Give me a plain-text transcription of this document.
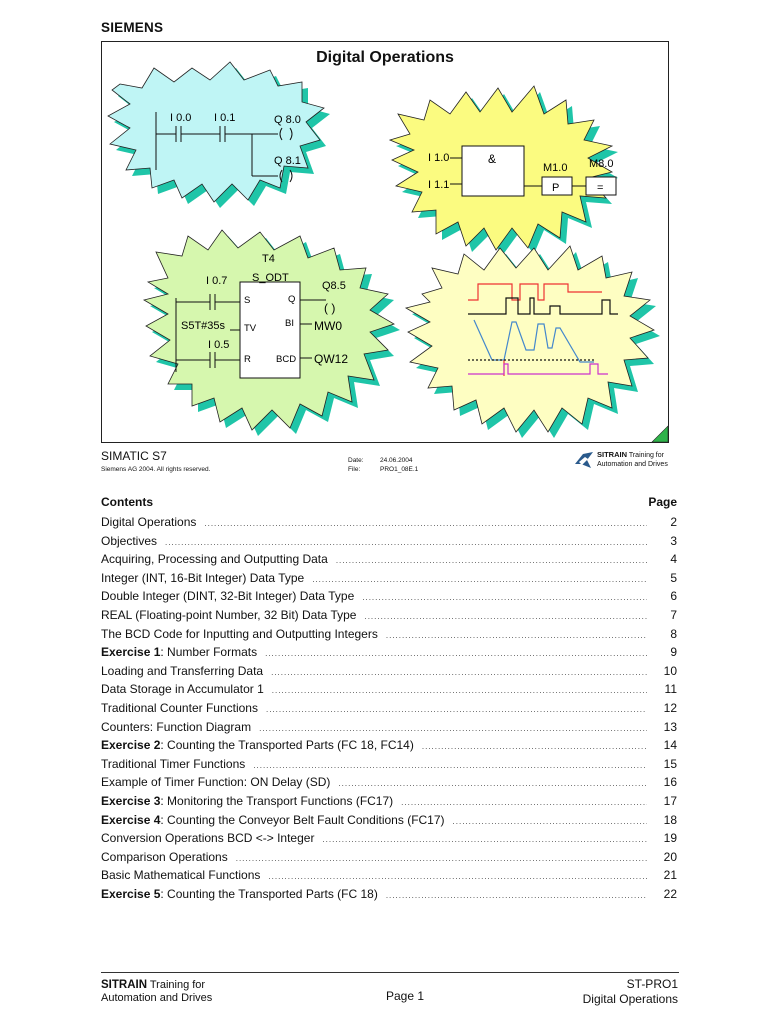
SIEMENS
Digital Operations
I 0.0 I 0.1	Q 8.0
Q 8.1	I 1.0
I 1.1
&
M1.0 M8.0
P	=
T4
S_ODT
I 0.7
S5T#35s
I 0.5
S
TV
R
Q
BI
BCD
Q8.5
( )
MW0
QW12
SIMATIC S7
Siemens AG 2004. All rights reserved.
Date:	24.06.2004
File:	PRO1_08E.1
SITRAIN Training for
Automation and Drives
Contents	Page
Digital Operations .....	2
Objectives .....	3
Acquiring, Processing and Outputting Data .....	4
Integer (INT, 16-Bit Integer) Data Type .....	5
Double Integer (DINT, 32-Bit Integer) Data Type .....	6
REAL (Floating-point Number, 32 Bit) Data Type .....	7
The BCD Code for Inputting and Outputting Integers .....	8
Exercise 1: Number Formats .....	9
Loading and Transferring Data .....	10
Data Storage in Accumulator 1 .....	11
Traditional Counter Functions .....	12
Counters: Function Diagram .....	13
Exercise 2: Counting the Transported Parts (FC 18, FC14) .....	14
Traditional Timer Functions .....	15
Example of Timer Function: ON Delay (SD) .....	16
Exercise 3: Monitoring the Transport Functions (FC17) .....	17
Exercise 4: Counting the Conveyor Belt Fault Conditions (FC17) .....	18
Conversion Operations BCD <-> Integer .....	19
Comparison Operations .....	20
Basic Mathematical Functions .....	21
Exercise 5: Counting the Transported Parts (FC 18) .....	22
SITRAIN Training for
Automation and Drives	Page 1
ST-PRO1
Digital Operations
